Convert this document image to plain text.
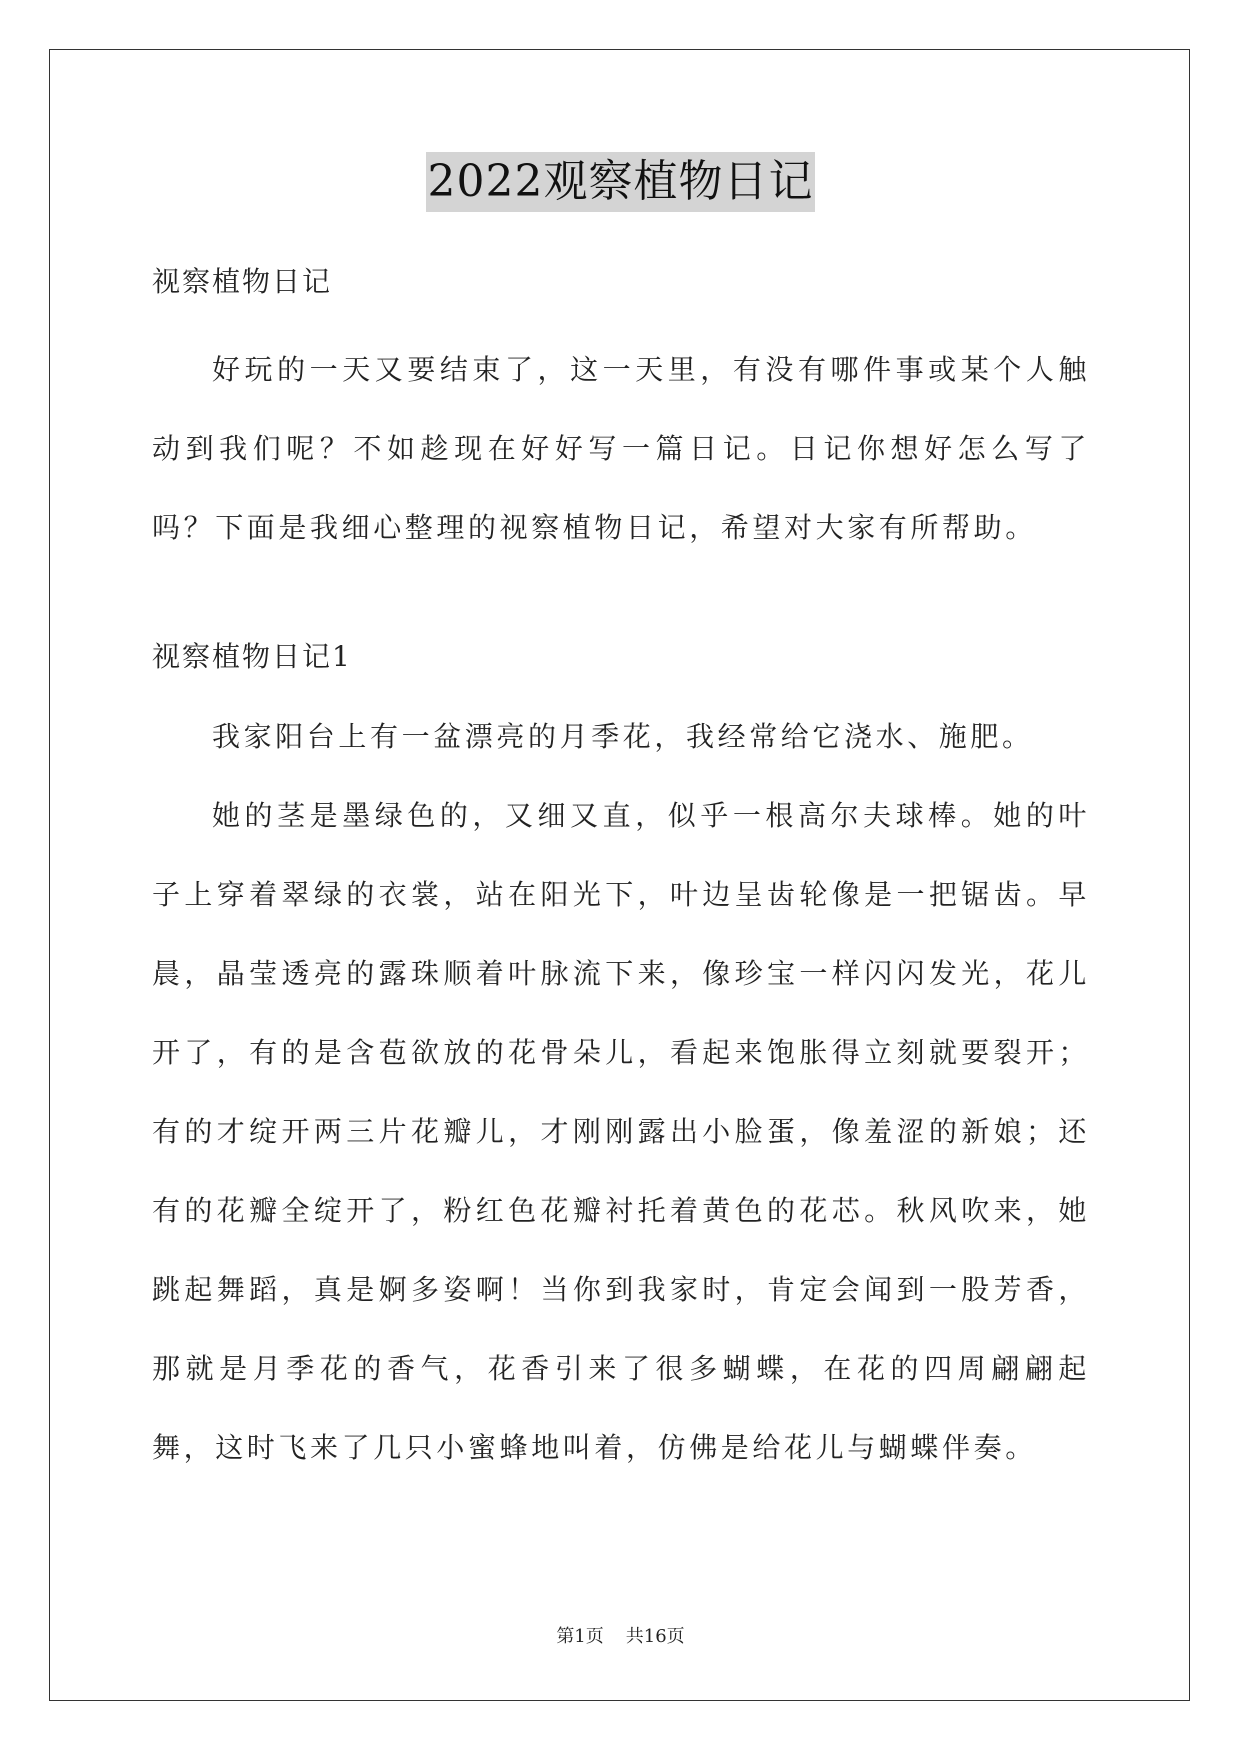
2022观察植物日记

视察植物日记

好玩的一天又要结束了，这一天里，有没有哪件事或某个人触动到我们呢？不如趁现在好好写一篇日记。日记你想好怎么写了吗？下面是我细心整理的视察植物日记，希望对大家有所帮助。

视察植物日记1

我家阳台上有一盆漂亮的月季花，我经常给它浇水、施肥。

她的茎是墨绿色的，又细又直，似乎一根高尔夫球棒。她的叶子上穿着翠绿的衣裳，站在阳光下，叶边呈齿轮像是一把锯齿。早晨，晶莹透亮的露珠顺着叶脉流下来，像珍宝一样闪闪发光，花儿开了，有的是含苞欲放的花骨朵儿，看起来饱胀得立刻就要裂开；有的才绽开两三片花瓣儿，才刚刚露出小脸蛋，像羞涩的新娘；还有的花瓣全绽开了，粉红色花瓣衬托着黄色的花芯。秋风吹来，她跳起舞蹈，真是婀多姿啊！当你到我家时，肯定会闻到一股芳香，那就是月季花的香气，花香引来了很多蝴蝶，在花的四周翩翩起舞，这时飞来了几只小蜜蜂地叫着，仿佛是给花儿与蝴蝶伴奏。

第1页 共16页
